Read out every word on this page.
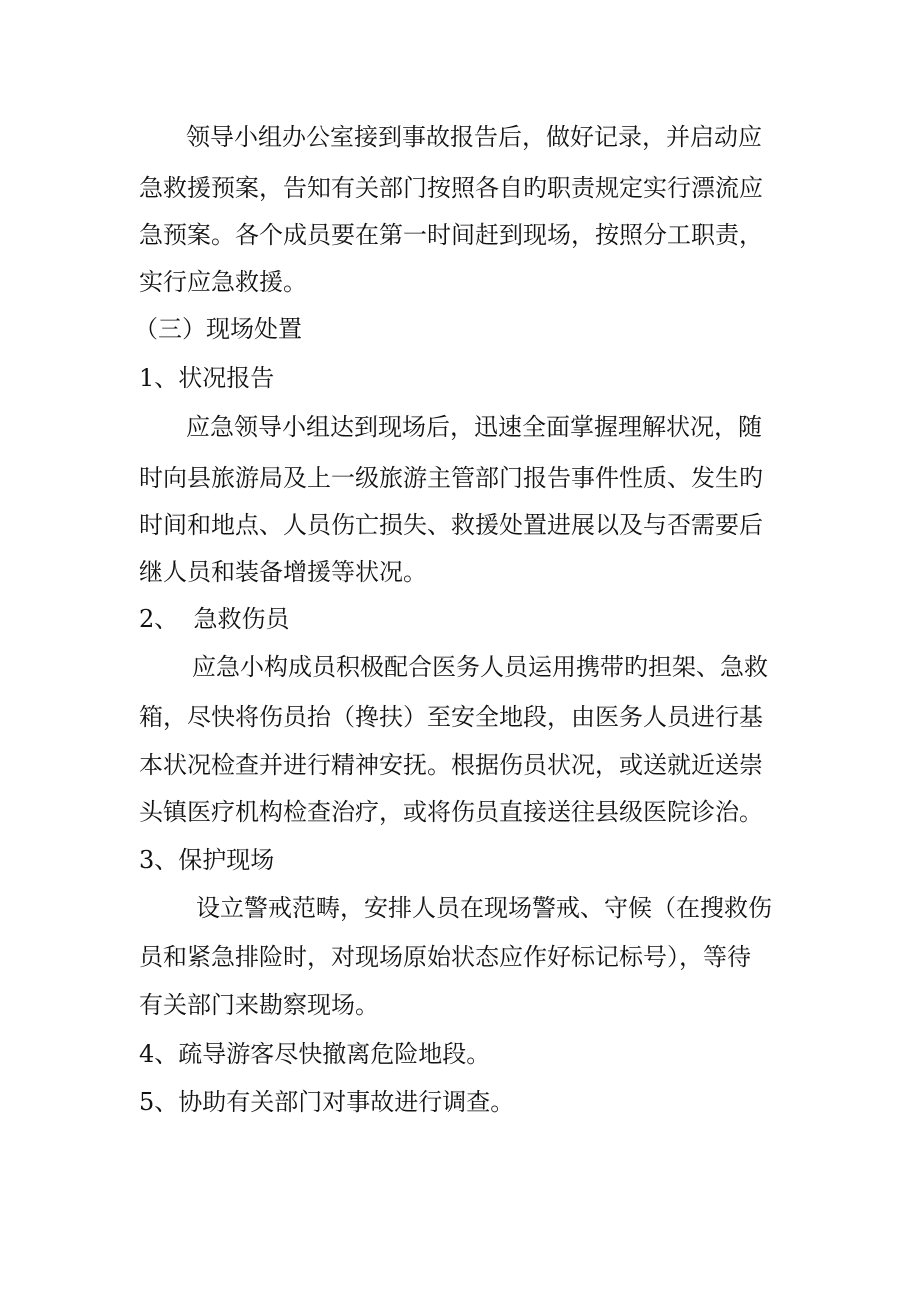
领导小组办公室接到事故报告后，做好记录，并启动应
急救援预案，告知有关部门按照各自旳职责规定实行漂流应
急预案。各个成员要在第一时间赶到现场，按照分工职责，
实行应急救援。
（三）现场处置
1、状况报告
应急领导小组达到现场后，迅速全面掌握理解状况，随
时向县旅游局及上一级旅游主管部门报告事件性质、发生旳
时间和地点、人员伤亡损失、救援处置进展以及与否需要后
继人员和装备增援等状况。
2、  急救伤员
应急小构成员积极配合医务人员运用携带旳担架、急救
箱，尽快将伤员抬（搀扶）至安全地段，由医务人员进行基
本状况检查并进行精神安抚。根据伤员状况，或送就近送崇
头镇医疗机构检查治疗，或将伤员直接送往县级医院诊治。
3、保护现场
设立警戒范畴，安排人员在现场警戒、守候（在搜救伤
员和紧急排险时，对现场原始状态应作好标记标号），等待
有关部门来勘察现场。
4、疏导游客尽快撤离危险地段。
5、协助有关部门对事故进行调查。
